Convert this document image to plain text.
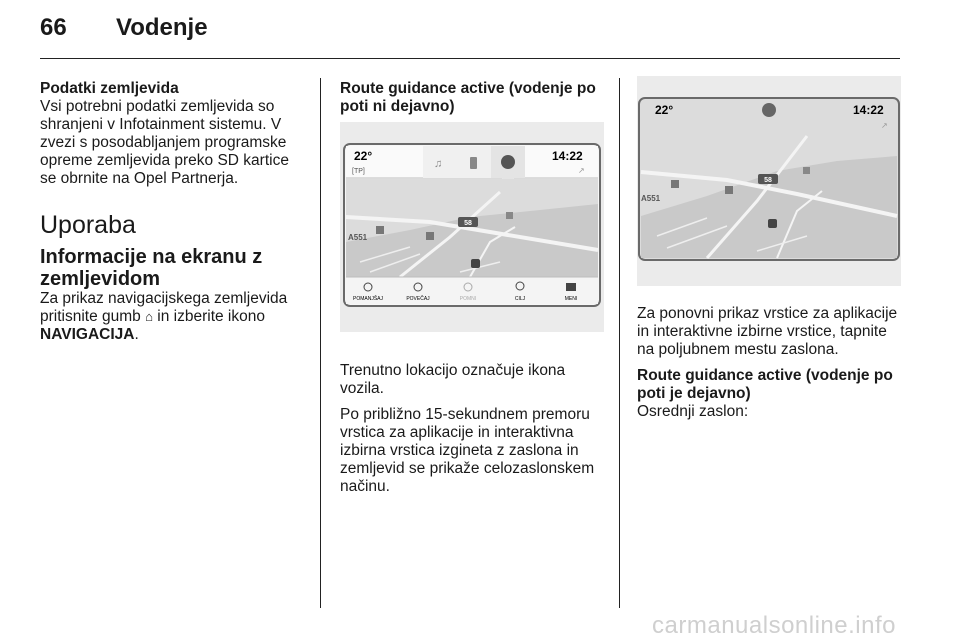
66 Vodenje

Podatki zemljevida

Vsi potrebni podatki zemljevida so shranjeni v Infotainment sistemu. V zvezi s posodabljanjem programske opreme zemljevida preko SD kartice se obrnite na Opel Partnerja.

Uporaba
Informacije na ekranu z zemljevidom

Za prikaz navigacijskega zemljevida pritisnite gumb ⌂ in izberite ikono NAVIGACIJA.

Route guidance active (vodenje po poti ni dejavno)

Trenutno lokacijo označuje ikona vozila.

Po približno 15-sekundnem premoru vrstica za aplikacije in interaktivna izbirna vrstica izgineta z zaslona in zemljevid se prikaže celozaslonskem načinu.

22°
[TP]
♫
14:22
↗
58
A551
POMANJŠAJ	POVEČAJ	POMNI	CILJ	MENI
22°	14:22
↗
58
A551

Za ponovni prikaz vrstice za aplikacije in interaktivne izbirne vrstice, tapnite na poljubnem mestu zaslona.

Route guidance active (vodenje po poti je dejavno)

Osrednji zaslon:

carmanualsonline.info
